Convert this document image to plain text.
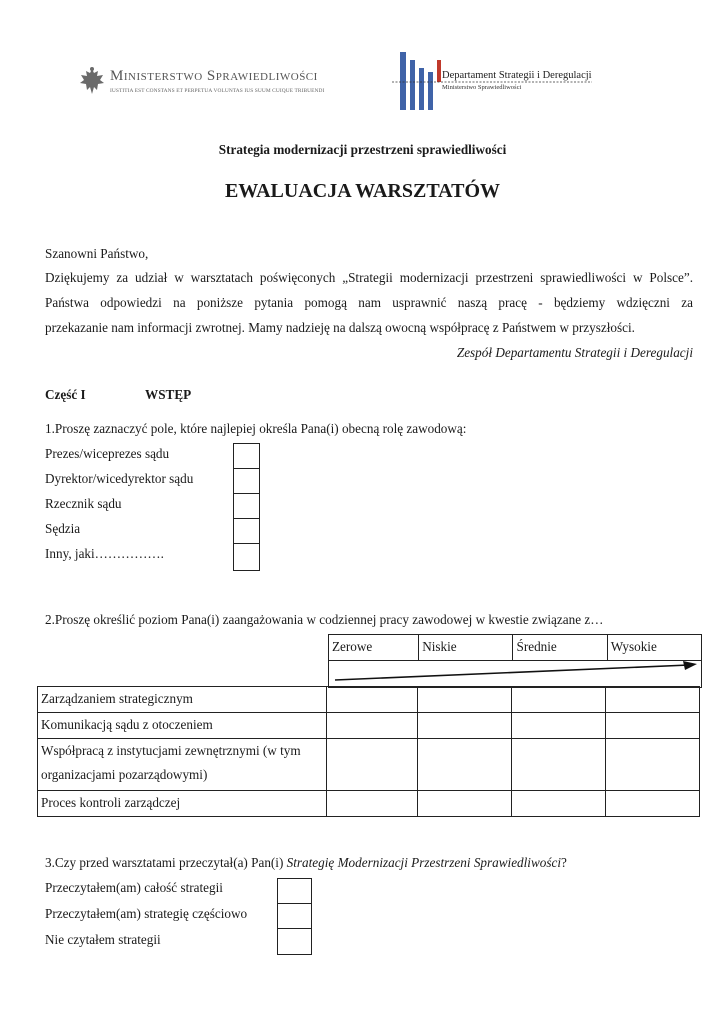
Ministerstwo Sprawiedliwości
IUSTITIA EST CONSTANS ET PERPETUA VOLUNTAS IUS SUUM CUIQUE TRIBUENDI
Departament Strategii i Deregulacji
Ministerstwo Sprawiedliwości
Strategia modernizacji przestrzeni sprawiedliwości
EWALUACJA WARSZTATÓW
Szanowni Państwo,
Dziękujemy za udział w warsztatach poświęconych „Strategii modernizacji przestrzeni sprawiedliwości w Polsce”.
Państwa odpowiedzi na poniższe pytania pomogą nam usprawnić naszą pracę - będziemy wdzięczni za
przekazanie nam informacji zwrotnej. Mamy nadzieję na dalszą owocną współpracę z Państwem w przyszłości.
Zespół Departamentu Strategii i Deregulacji
Część I	WSTĘP
1.Proszę zaznaczyć pole, które najlepiej określa Pana(i) obecną rolę zawodową:
Prezes/wiceprezes sądu
Dyrektor/wicedyrektor sądu
Rzecznik sądu
Sędzia
Inny, jaki…………….
2.Proszę określić poziom Pana(i) zaangażowania w codziennej pracy zawodowej w kwestie związane z…
Zerowe	Niskie	Średnie	Wysokie

Zarządzaniem strategicznym				
Komunikacją sądu z otoczeniem				

Współpracą z instytucjami zewnętrznymi (w tym
organizacjami pozarządowymi)				

Proces kontroli zarządczej				
3.Czy przed warsztatami przeczytał(a) Pan(i) Strategię Modernizacji Przestrzeni Sprawiedliwości?
Przeczytałem(am) całość strategii
Przeczytałem(am) strategię częściowo
Nie czytałem strategii
